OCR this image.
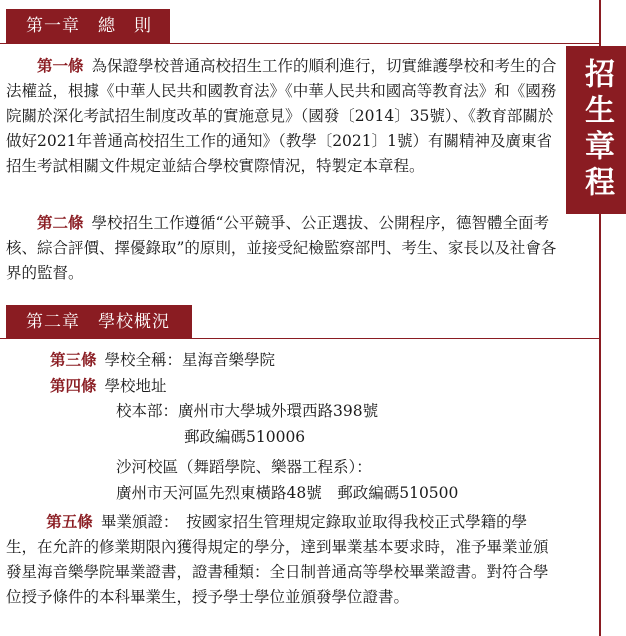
第一章　總　則
招生章程

第一條 為保證學校普通高校招生工作的順利進行，切實維護學校和考生的合法權益，根據《中華人民共和國教育法》《中華人民共和國高等教育法》和《國務院關於深化考試招生制度改革的實施意見》（國發〔2014〕35號）、《教育部關於做好2021年普通高校招生工作的通知》（教學〔2021〕1號）有關精神及廣東省招生考試相關文件規定並結合學校實際情況，特製定本章程。

第二條 學校招生工作遵循“公平競爭、公正選拔、公開程序，德智體全面考核、綜合評價、擇優錄取”的原則，並接受紀檢監察部門、考生、家長以及社會各界的監督。

第二章　學校概況
第三條 學校全稱：星海音樂學院
第四條 學校地址
校本部：廣州市大學城外環西路398號
郵政編碼510006
沙河校區（舞蹈學院、樂器工程系）：
廣州市天河區先烈東橫路48號　郵政編碼510500

第五條 畢業頒證：　按國家招生管理規定錄取並取得我校正式學籍的學生，在允許的修業期限內獲得規定的學分，達到畢業基本要求時，准予畢業並頒發星海音樂學院畢業證書，證書種類：全日制普通高等學校畢業證書。對符合學位授予條件的本科畢業生，授予學士學位並頒發學位證書。
